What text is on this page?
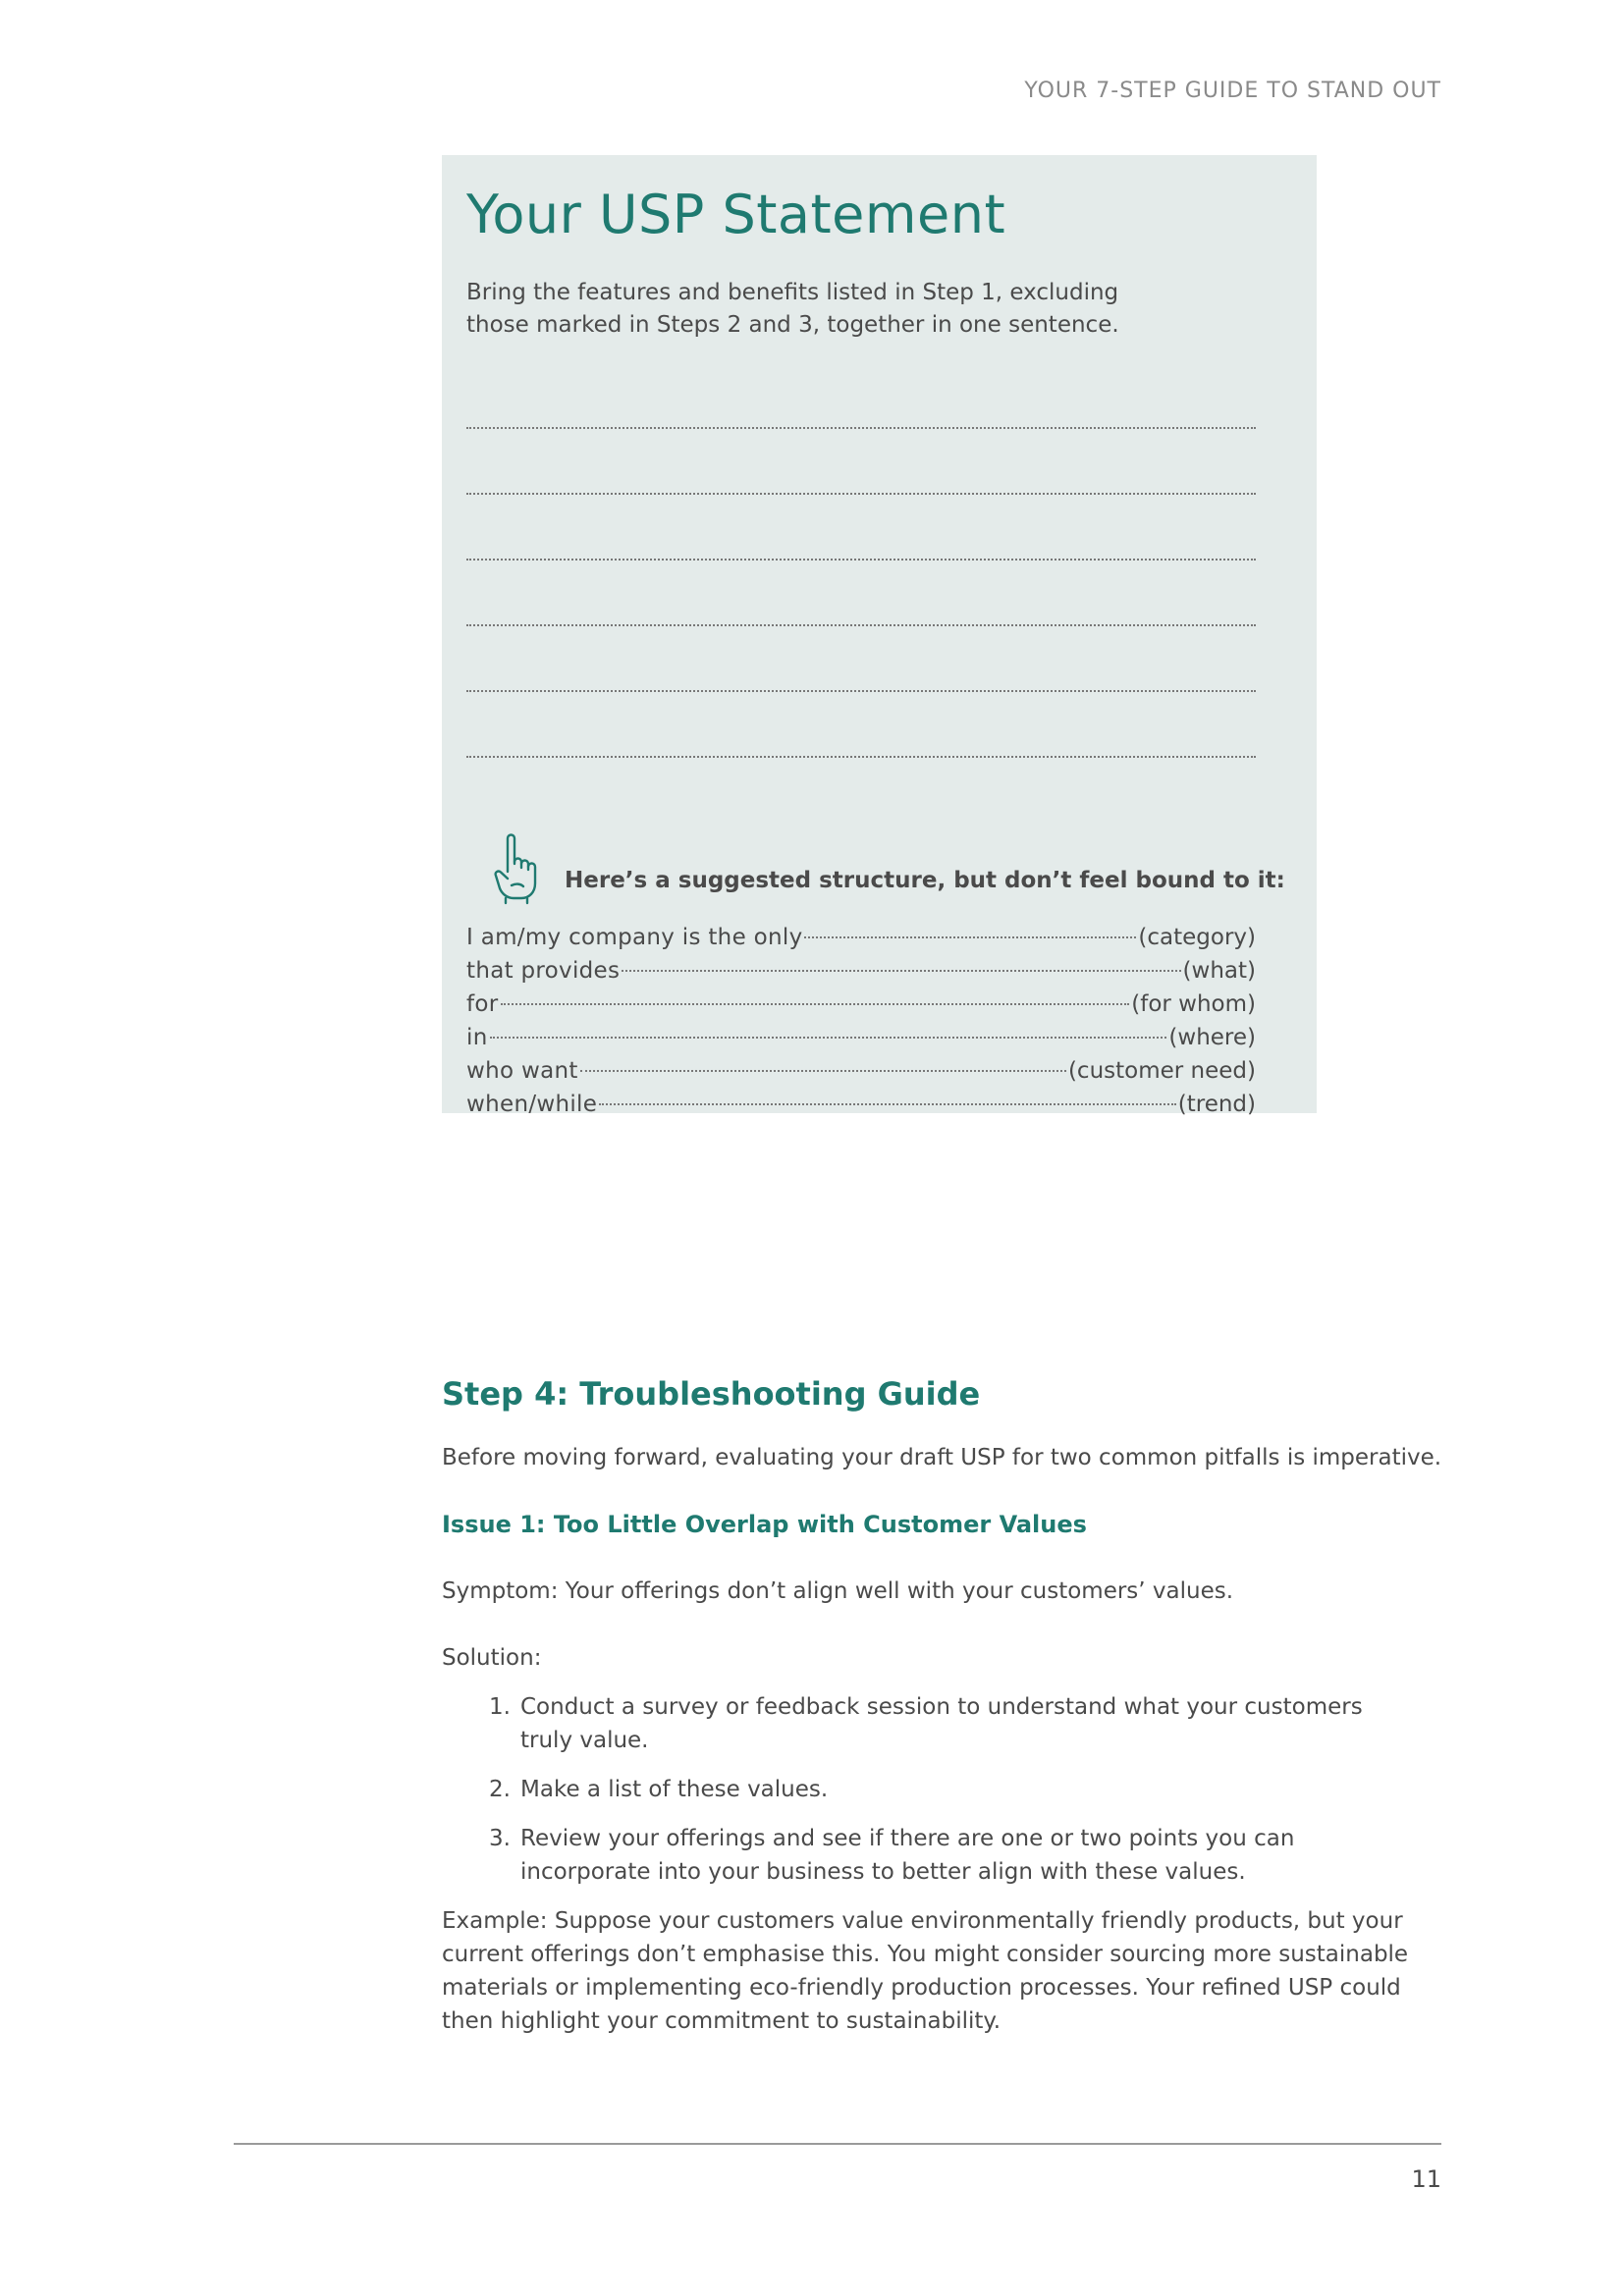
YOUR 7-STEP GUIDE TO STAND OUT
Your USP Statement

Bring the features and benefits listed in Step 1, excluding those marked in Steps 2 and 3, together in one sentence.

Here’s a suggested structure, but don’t feel bound to it:
I am/my company is the only	(category)
that provides	(what)
for	(for whom)
in	(where)
who want	(customer need)
when/while	(trend)
Step 4: Troubleshooting Guide

Before moving forward, evaluating your draft USP for two common pitfalls is imperative.

Issue 1: Too Little Overlap with Customer Values

Symptom: Your offerings don’t align well with your customers’ values.

Solution:

1. Conduct a survey or feedback session to understand what your customers truly value.
2. Make a list of these values.
3. Review your offerings and see if there are one or two points you can incorporate into your business to better align with these values.

Example: Suppose your customers value environmentally friendly products, but your current offerings don’t emphasise this. You might consider sourcing more sustainable materials or implementing eco-friendly production processes. Your refined USP could then highlight your commitment to sustainability.

11
